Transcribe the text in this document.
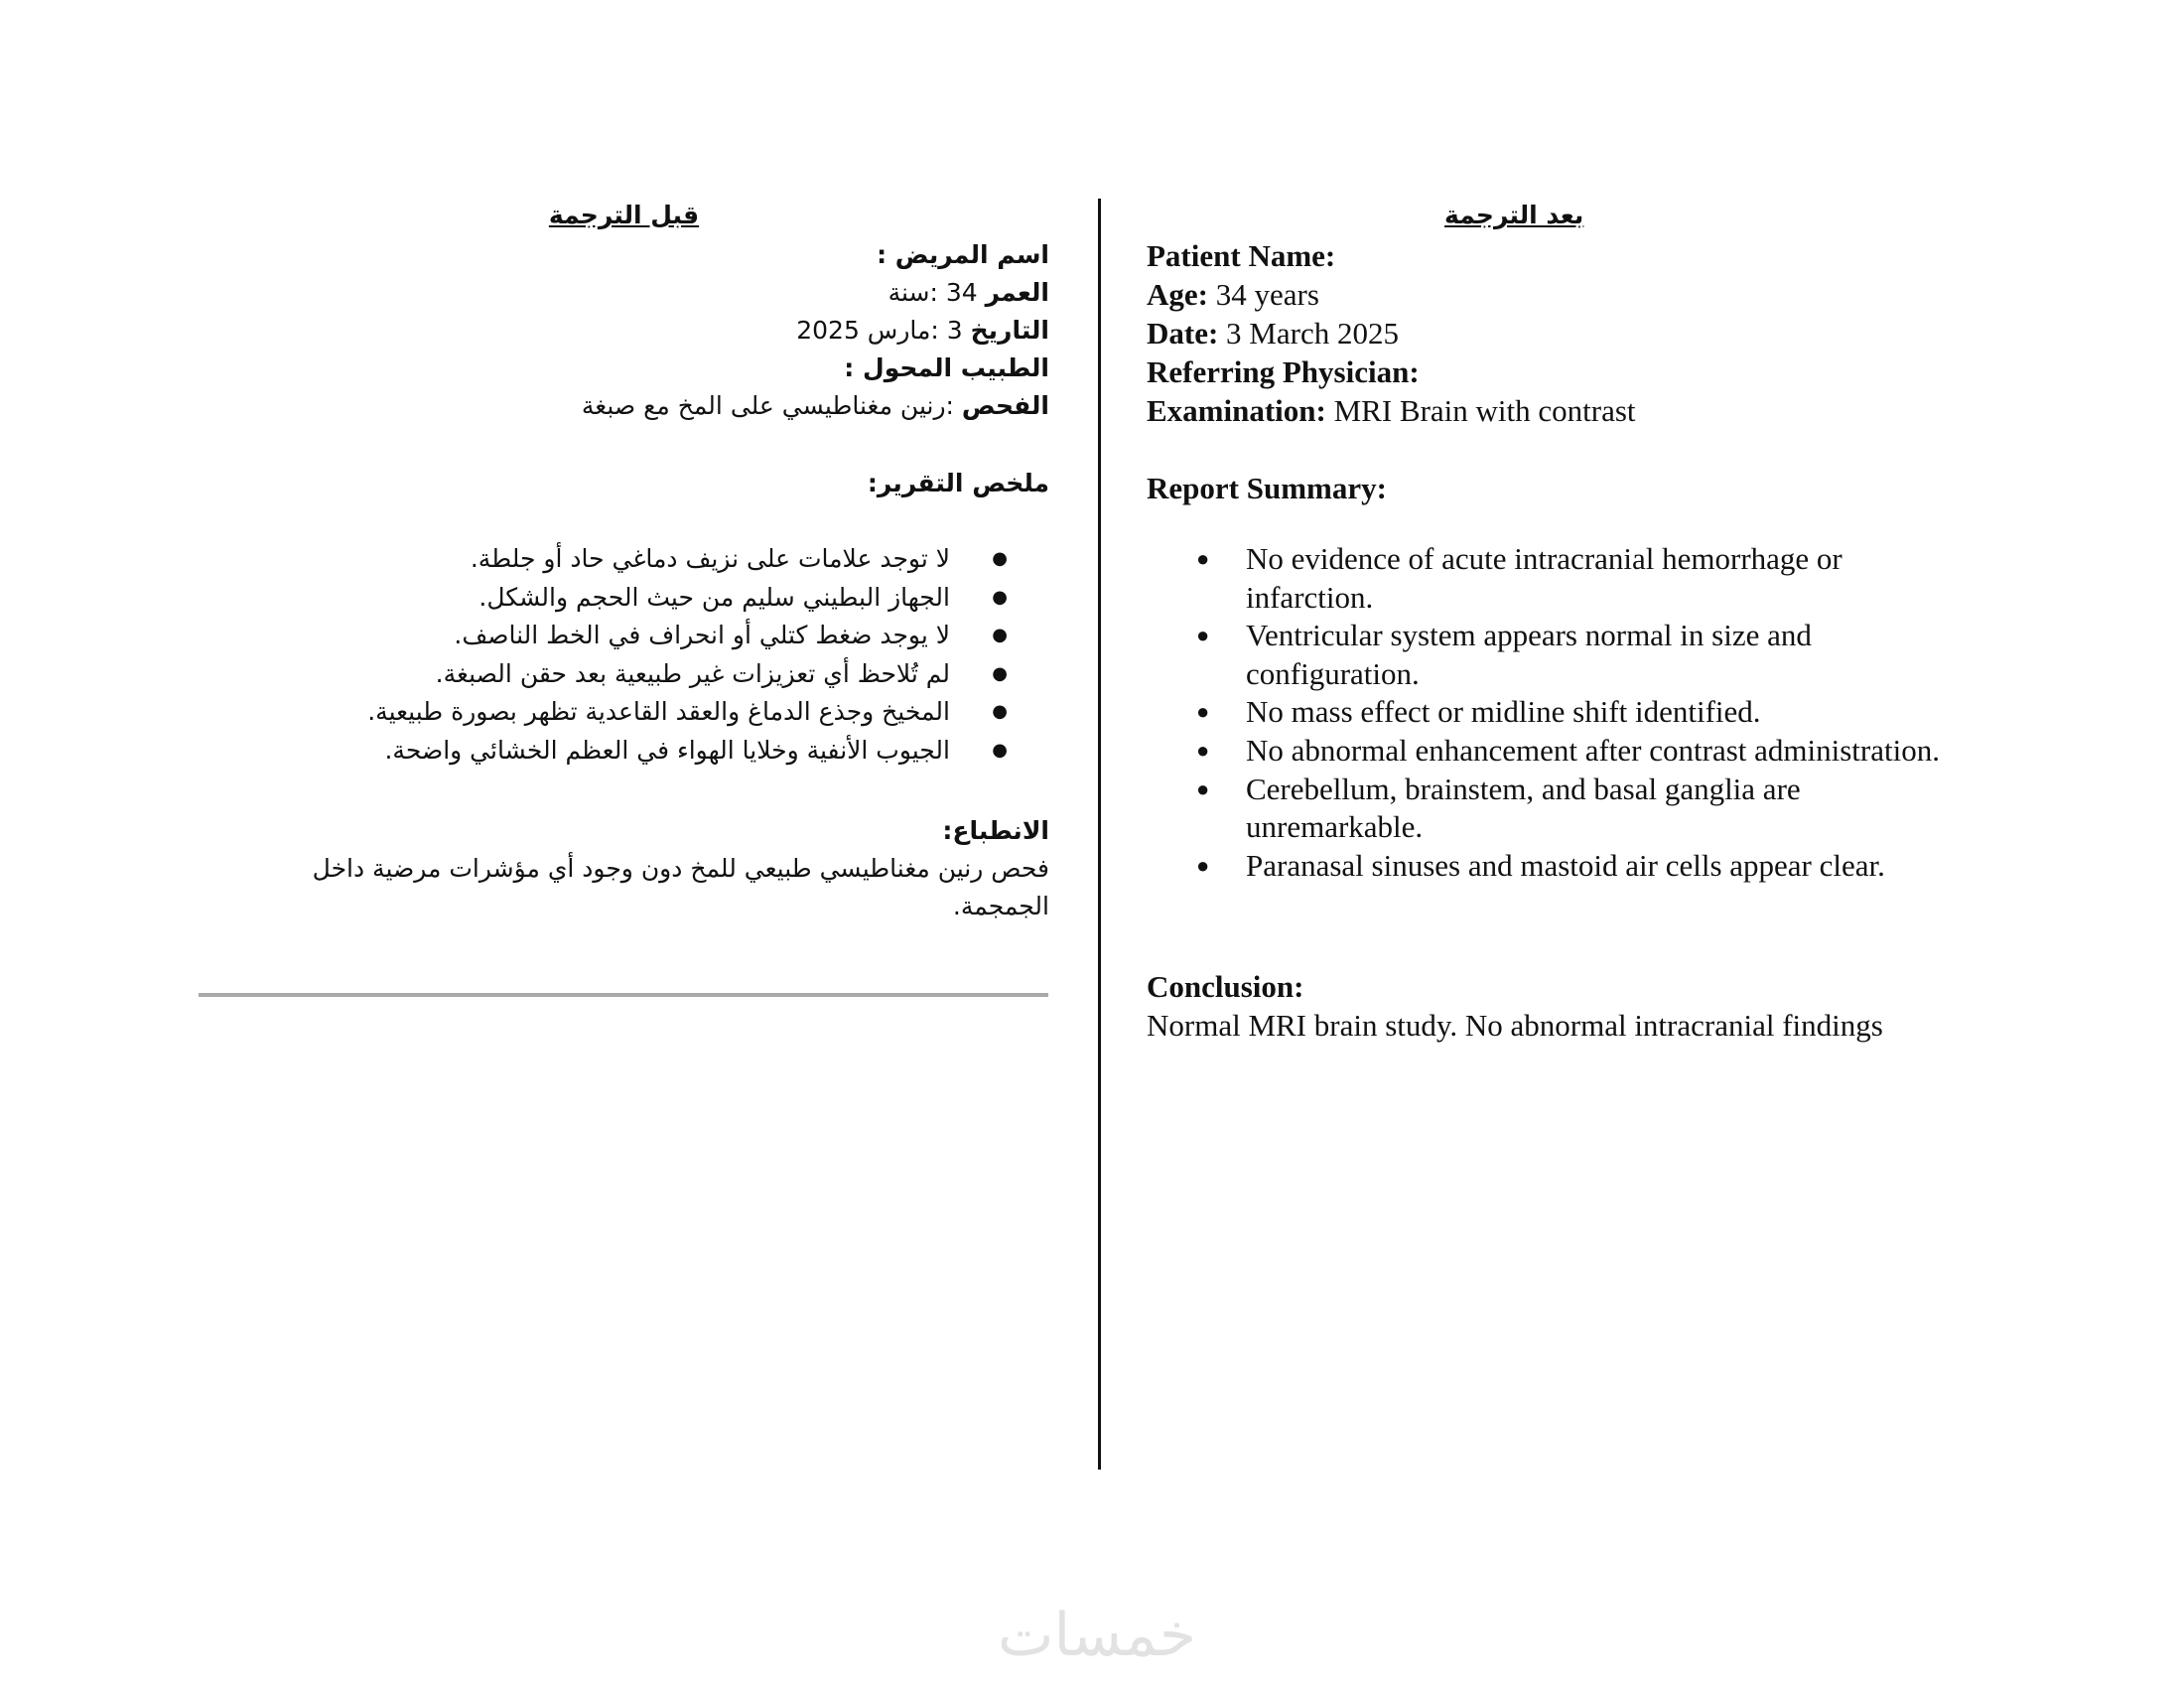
قبل الترجمة
اسم المريض :
العمر 34 :سنة
التاريخ 3 :مارس 2025
الطبيب المحول :
الفحص :رنين مغناطيسي على المخ مع صبغة
ملخص التقرير:
●
لا توجد علامات على نزيف دماغي حاد أو جلطة.
●
الجهاز البطيني سليم من حيث الحجم والشكل.
●
لا يوجد ضغط كتلي أو انحراف في الخط الناصف.
●
لم تُلاحظ أي تعزيزات غير طبيعية بعد حقن الصبغة.
●
المخيخ وجذع الدماغ والعقد القاعدية تظهر بصورة طبيعية.
●
الجيوب الأنفية وخلايا الهواء في العظم الخشائي واضحة.
الانطباع:
فحص رنين مغناطيسي طبيعي للمخ دون وجود أي مؤشرات مرضية داخل الجمجمة.
بعد الترجمة
Patient Name:
Age: 34 years
Date: 3 March 2025
Referring Physician:
Examination: MRI Brain with contrast
Report Summary:
● No evidence of acute intracranial hemorrhage or infarction.
● Ventricular system appears normal in size and configuration.
● No mass effect or midline shift identified.
● No abnormal enhancement after contrast administration.
● Cerebellum, brainstem, and basal ganglia are unremarkable.
● Paranasal sinuses and mastoid air cells appear clear.
Conclusion:
Normal MRI brain study. No abnormal intracranial findings
خمسات
